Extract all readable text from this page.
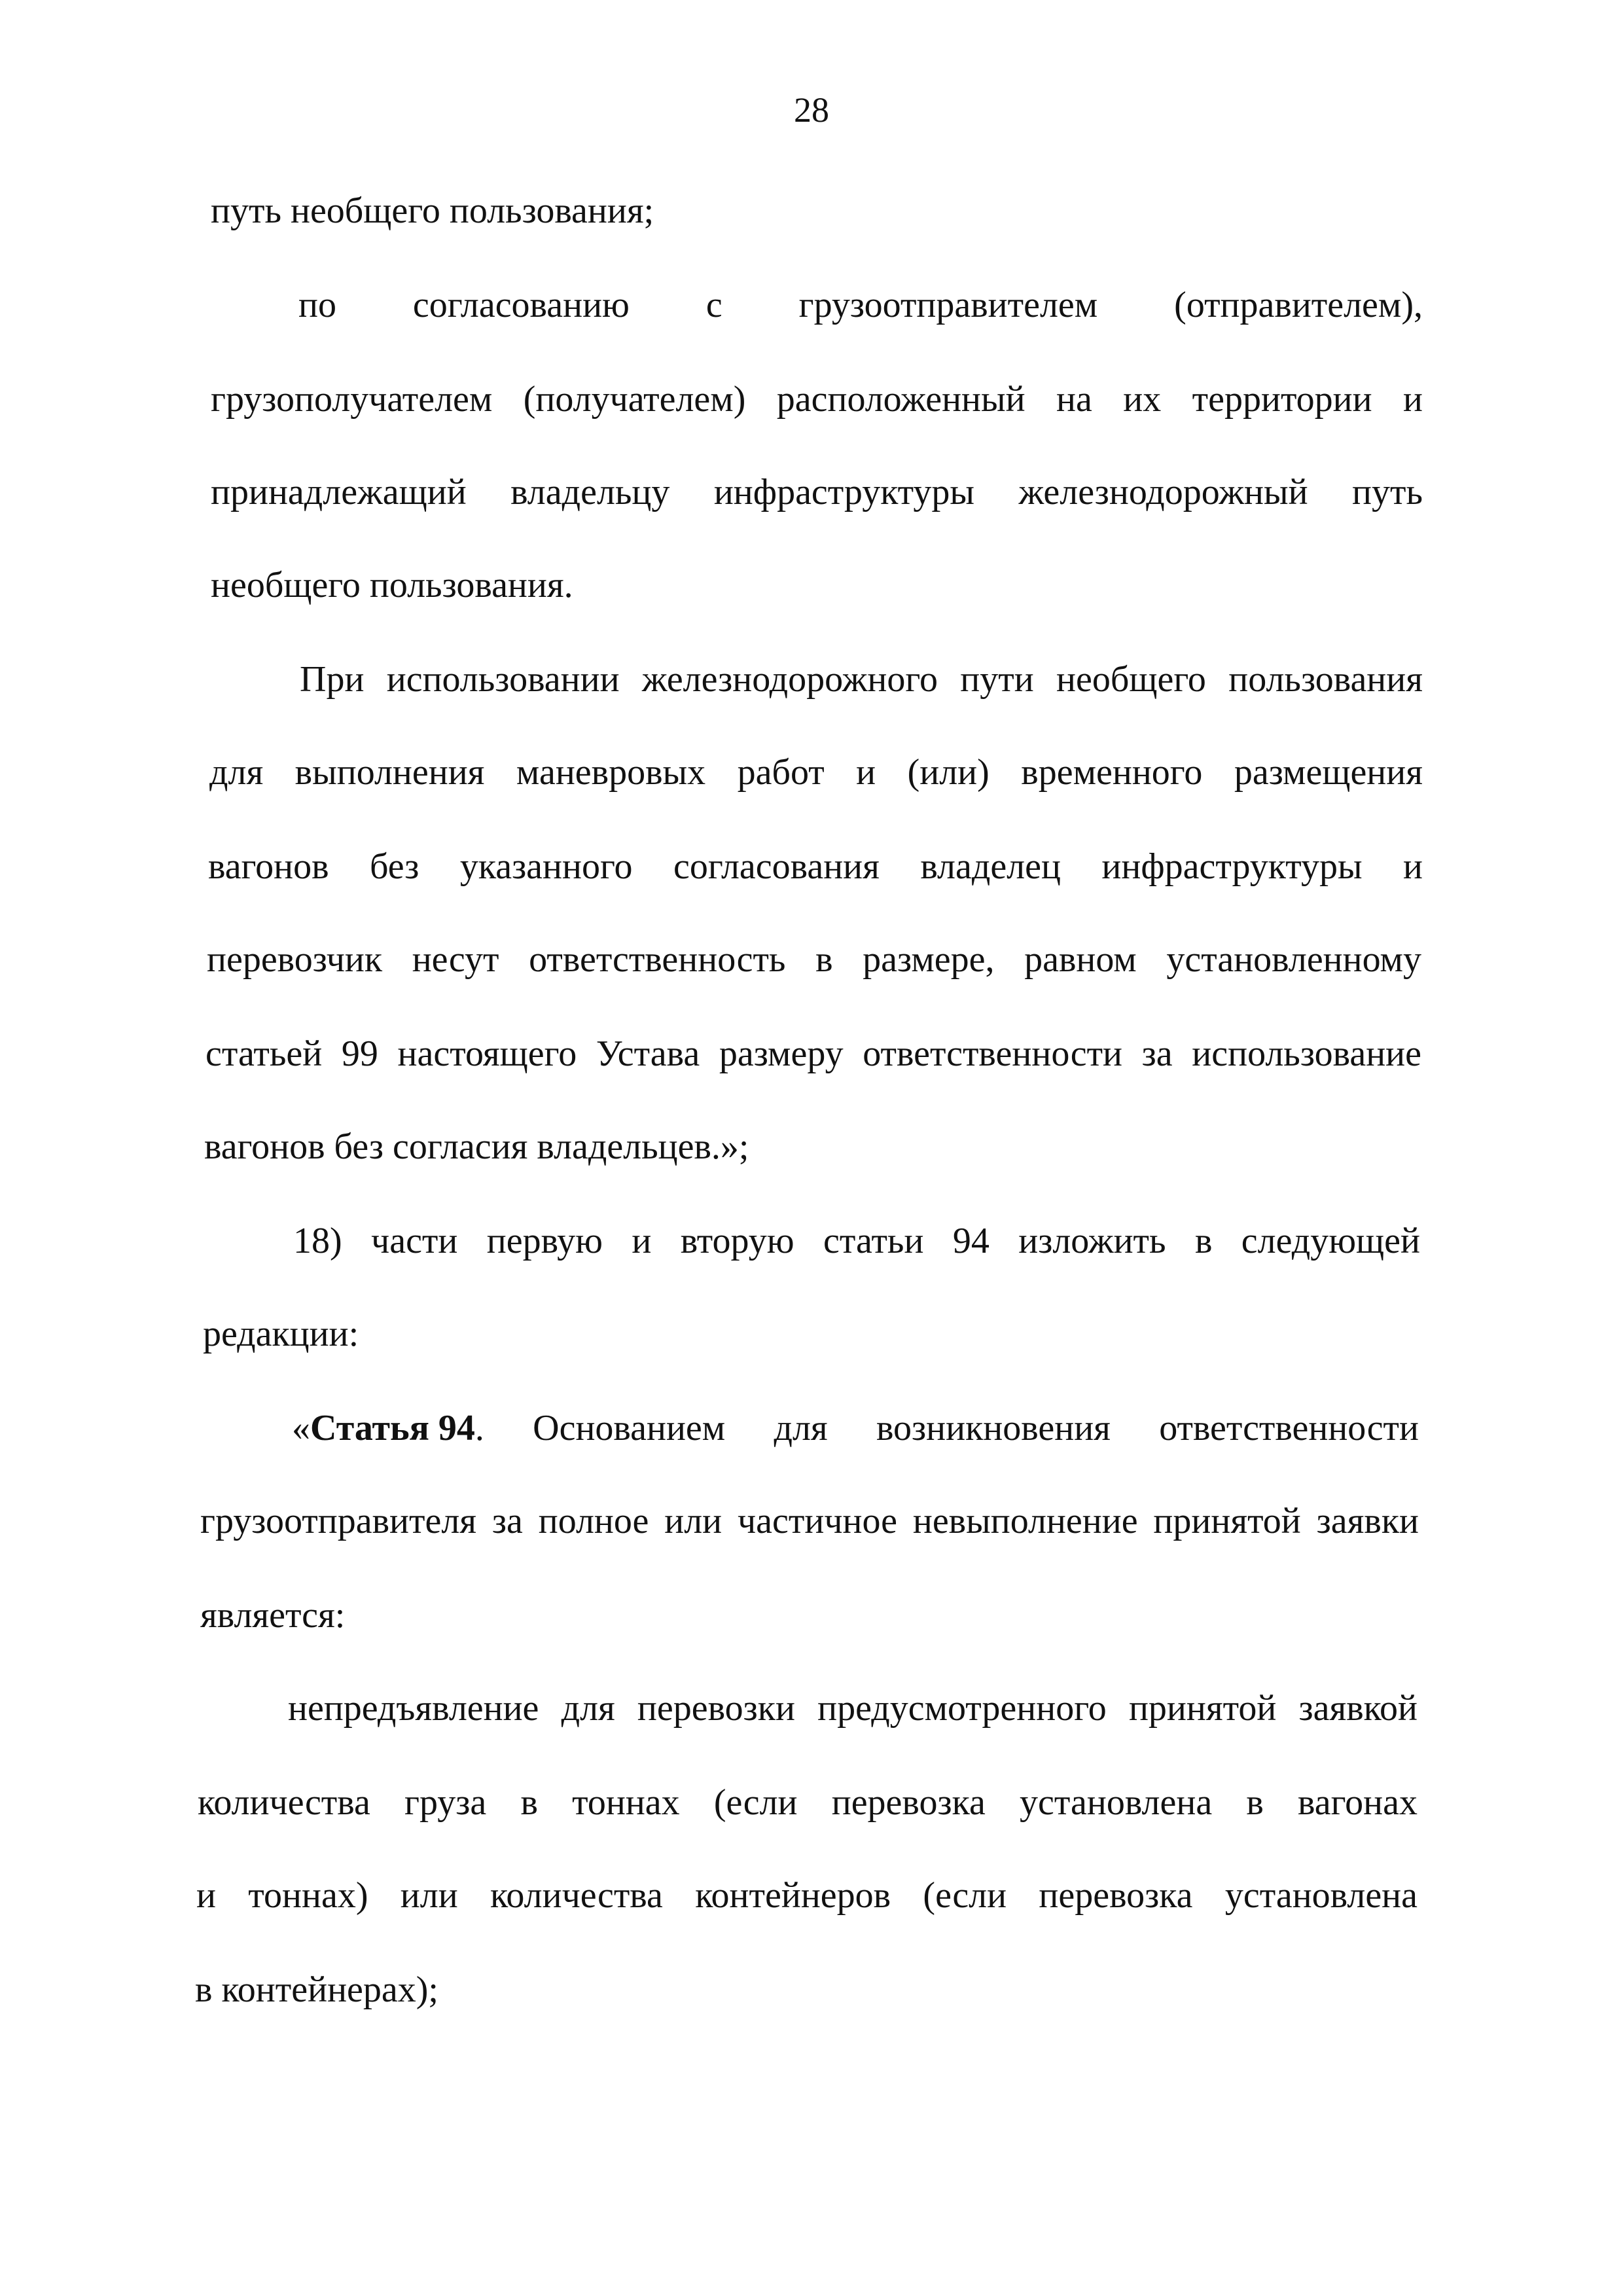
28
путь необщего пользования;
по согласованию с грузоотправителем (отправителем),
грузополучателем (получателем) расположенный на их территории и
принадлежащий владельцу инфраструктуры железнодорожный путь
необщего пользования.
При использовании железнодорожного пути необщего пользования
для выполнения маневровых работ и (или) временного размещения
вагонов без указанного согласования владелец инфраструктуры и
перевозчик несут ответственность в размере, равном установленному
статьей 99 настоящего Устава размеру ответственности за использование
вагонов без согласия владельцев.»;
18) части первую и вторую статьи 94 изложить в следующей
редакции:
« Статья 94 . Основанием для возникновения ответственности
грузоотправителя за полное или частичное невыполнение принятой заявки
является:
непредъявление для перевозки предусмотренного принятой заявкой
количества груза в тоннах (если перевозка установлена в вагонах
и тоннах) или количества контейнеров (если перевозка установлена
в контейнерах);
